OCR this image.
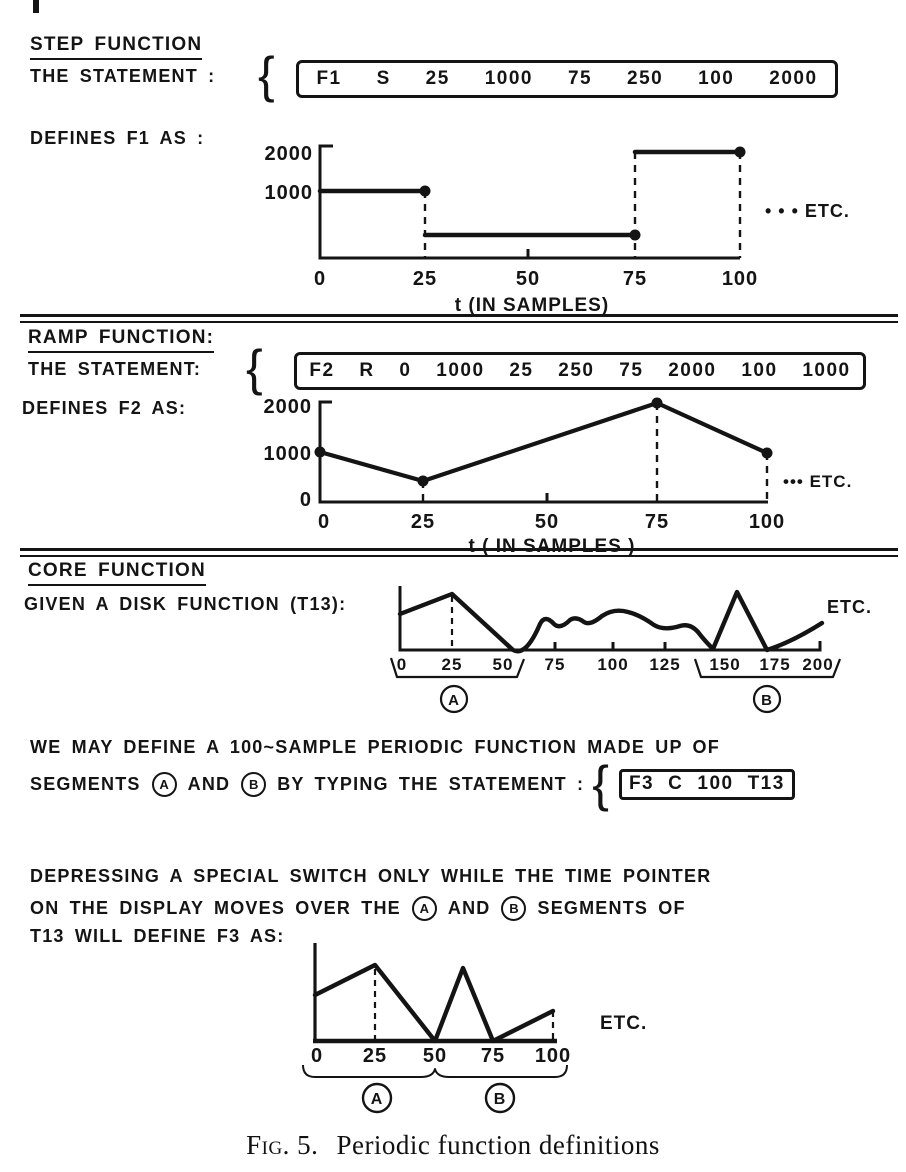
STEP FUNCTION
THE STATEMENT : { F1 S 25 1000 75 250 100 2000
DEFINES F1 AS :
2000
1000
0	25	50	75	100
t (IN SAMPLES)
• • • ETC.
RAMP FUNCTION:
THE STATEMENT: { F2 R 0 1000 25 250 75 2000 100 1000
DEFINES F2 AS:	2000
1000
0
0	25	50	75	100
t ( IN SAMPLES )
••• ETC.
CORE FUNCTION
GIVEN A DISK FUNCTION (T13):
0 25 50 75 100 125 150 175 200
A	B
ETC.
WE MAY DEFINE A 100~SAMPLE PERIODIC FUNCTION MADE UP OF
SEGMENTS	A	AND	B	BY TYPING THE STATEMENT : { F3 C 100 T13
DEPRESSING A SPECIAL SWITCH ONLY WHILE THE TIME POINTER
ON THE DISPLAY MOVES OVER THE	A	AND	B	SEGMENTS OF
T13 WILL DEFINE F3 AS:
0 25 50 75 100
A	B
ETC.
Fig. 5. Periodic function definitions
